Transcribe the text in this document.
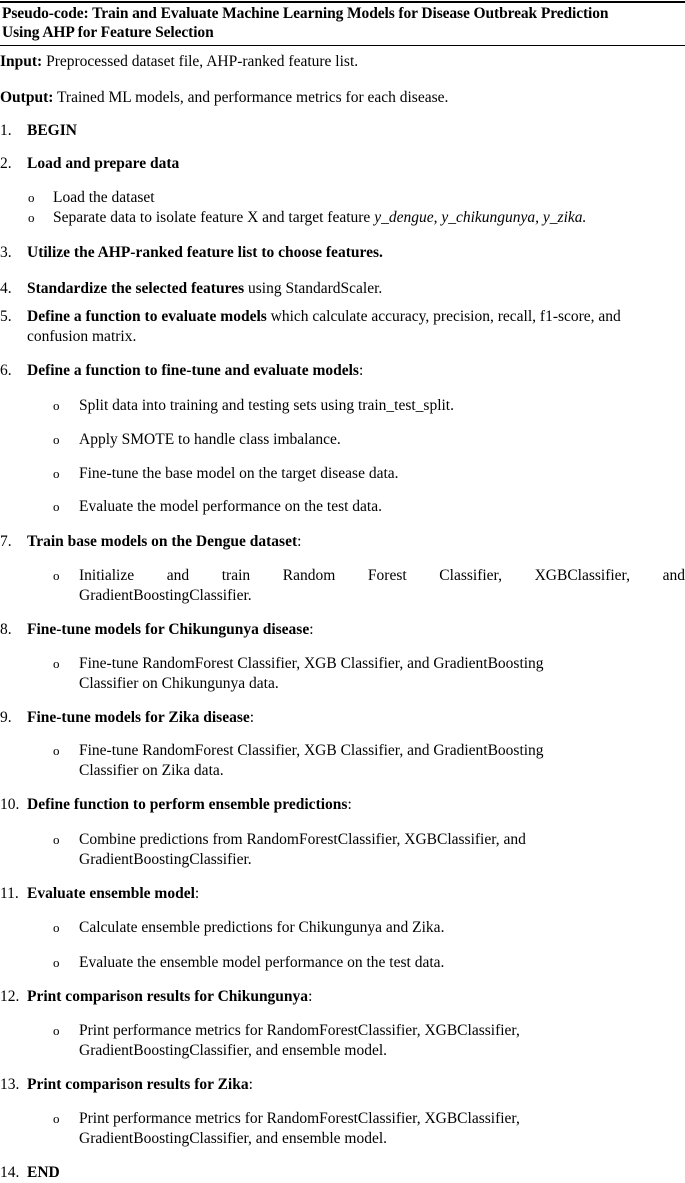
Pseudo-code: Train and Evaluate Machine Learning Models for Disease Outbreak Prediction
Using AHP for Feature Selection
Input: Preprocessed dataset file, AHP-ranked feature list.
Output: Trained ML models, and performance metrics for each disease.
1. BEGIN
2. Load and prepare data
o Load the dataset
o Separate data to isolate feature X and target feature y_dengue, y_chikungunya, y_zika.
3. Utilize the AHP-ranked feature list to choose features.
4. Standardize the selected features using StandardScaler.
5. Define a function to evaluate models which calculate accuracy, precision, recall, f1-score, and
confusion matrix.
6. Define a function to fine-tune and evaluate models:
o Split data into training and testing sets using train_test_split.
o Apply SMOTE to handle class imbalance.
o Fine-tune the base model on the target disease data.
o Evaluate the model performance on the test data.
7. Train base models on the Dengue dataset:
o Initialize and train Random Forest Classifier, XGBClassifier, and
GradientBoostingClassifier.
8. Fine-tune models for Chikungunya disease:
o Fine-tune RandomForest Classifier, XGB Classifier, and GradientBoosting
Classifier on Chikungunya data.
9. Fine-tune models for Zika disease:
o Fine-tune RandomForest Classifier, XGB Classifier, and GradientBoosting
Classifier on Zika data.
10. Define function to perform ensemble predictions:
o Combine predictions from RandomForestClassifier, XGBClassifier, and
GradientBoostingClassifier.
11. Evaluate ensemble model:
o Calculate ensemble predictions for Chikungunya and Zika.
o Evaluate the ensemble model performance on the test data.
12. Print comparison results for Chikungunya:
o Print performance metrics for RandomForestClassifier, XGBClassifier,
GradientBoostingClassifier, and ensemble model.
13. Print comparison results for Zika:
o Print performance metrics for RandomForestClassifier, XGBClassifier,
GradientBoostingClassifier, and ensemble model.
14. END
